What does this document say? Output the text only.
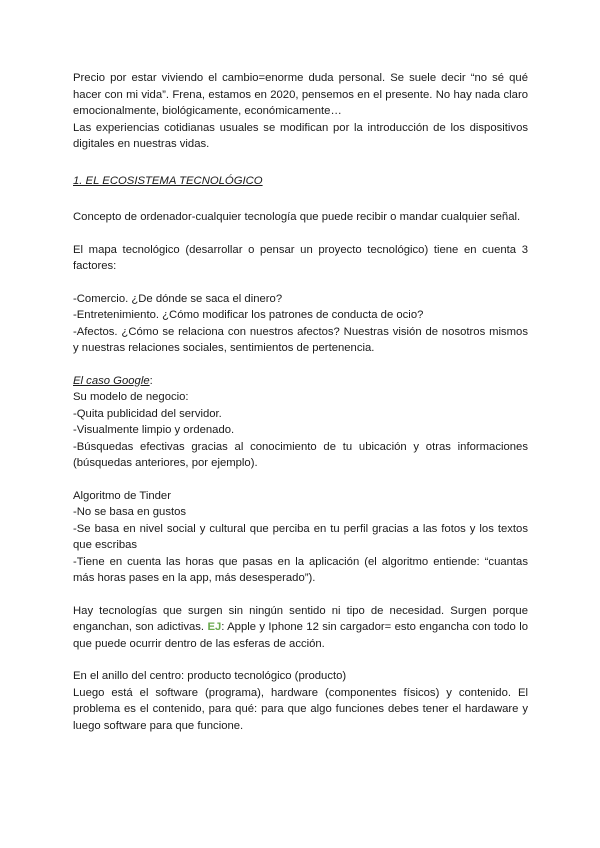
Precio por estar viviendo el cambio=enorme duda personal. Se suele decir “no sé qué hacer con mi vida”. Frena, estamos en 2020, pensemos en el presente. No hay nada claro emocionalmente, biológicamente, económicamente…

Las experiencias cotidianas usuales se modifican por la introducción de los dispositivos digitales en nuestras vidas.

1. EL ECOSISTEMA TECNOLÓGICO

Concepto de ordenador-cualquier tecnología que puede recibir o mandar cualquier señal.

El mapa tecnológico (desarrollar o pensar un proyecto tecnológico) tiene en cuenta 3 factores:

-Comercio. ¿De dónde se saca el dinero?

-Entretenimiento. ¿Cómo modificar los patrones de conducta de ocio?

-Afectos. ¿Cómo se relaciona con nuestros afectos? Nuestras visión de nosotros mismos y nuestras relaciones sociales, sentimientos de pertenencia.

El caso Google:

Su modelo de negocio:

-Quita publicidad del servidor.

-Visualmente limpio y ordenado.

-Búsquedas efectivas gracias al conocimiento de tu ubicación y otras informaciones (búsquedas anteriores, por ejemplo).

Algoritmo de Tinder

-No se basa en gustos

-Se basa en nivel social y cultural que perciba en tu perfil gracias a las fotos y los textos que escribas

-Tiene en cuenta las horas que pasas en la aplicación (el algoritmo entiende: “cuantas más horas pases en la app, más desesperado”).

Hay tecnologías que surgen sin ningún sentido ni tipo de necesidad. Surgen porque enganchan, son adictivas. EJ: Apple y Iphone 12 sin cargador= esto engancha con todo lo que puede ocurrir dentro de las esferas de acción.

En el anillo del centro: producto tecnológico (producto)

Luego está el software (programa), hardware (componentes físicos) y contenido. El problema es el contenido, para qué: para que algo funciones debes tener el hardaware y luego software para que funcione.
